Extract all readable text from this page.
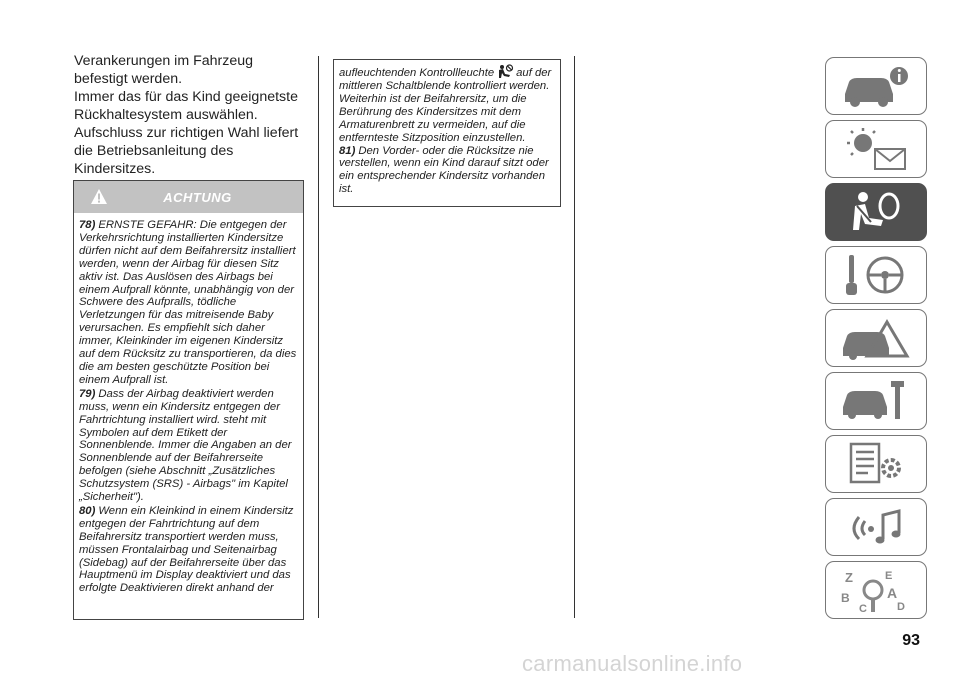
Verankerungen im Fahrzeug befestigt werden.

Immer das für das Kind geeignetste Rückhaltesystem auswählen.

Aufschluss zur richtigen Wahl liefert die Betriebsanleitung des Kindersitzes.

ACHTUNG
78) ERNSTE GEFAHR: Die entgegen der Verkehrsrichtung installierten Kindersitze dürfen nicht auf dem Beifahrersitz installiert werden, wenn der Airbag für diesen Sitz aktiv ist. Das Auslösen des Airbags bei einem Aufprall könnte, unabhängig von der Schwere des Aufpralls, tödliche Verletzungen für das mitreisende Baby verursachen. Es empfiehlt sich daher immer, Kleinkinder im eigenen Kindersitz auf dem Rücksitz zu transportieren, da dies die am besten geschützte Position bei einem Aufprall ist.
79) Dass der Airbag deaktiviert werden muss, wenn ein Kindersitz entgegen der Fahrtrichtung installiert wird. steht mit Symbolen auf dem Etikett der Sonnenblende. Immer die Angaben an der Sonnenblende auf der Beifahrerseite befolgen (siehe Abschnitt „Zusätzliches Schutzsystem (SRS) - Airbags" im Kapitel „Sicherheit").
80) Wenn ein Kleinkind in einem Kindersitz entgegen der Fahrtrichtung auf dem Beifahrersitz transportiert werden muss, müssen Frontalairbag und Seitenairbag (Sidebag) auf der Beifahrerseite über das Hauptmenü im Display deaktiviert und das erfolgte Deaktivieren direkt anhand der

aufleuchtenden Kontrollleuchte auf der mittleren Schaltblende kontrolliert werden. Weiterhin ist der Beifahrersitz, um die Berührung des Kindersitzes mit dem Armaturenbrett zu vermeiden, auf die entfernteste Sitzposition einzustellen.

81) Den Vorder- oder die Rücksitze nie verstellen, wenn ein Kind darauf sitzt oder ein entsprechender Kindersitz vorhanden ist.

Z	E
B	A
C	D
93
carmanualsonline.info
